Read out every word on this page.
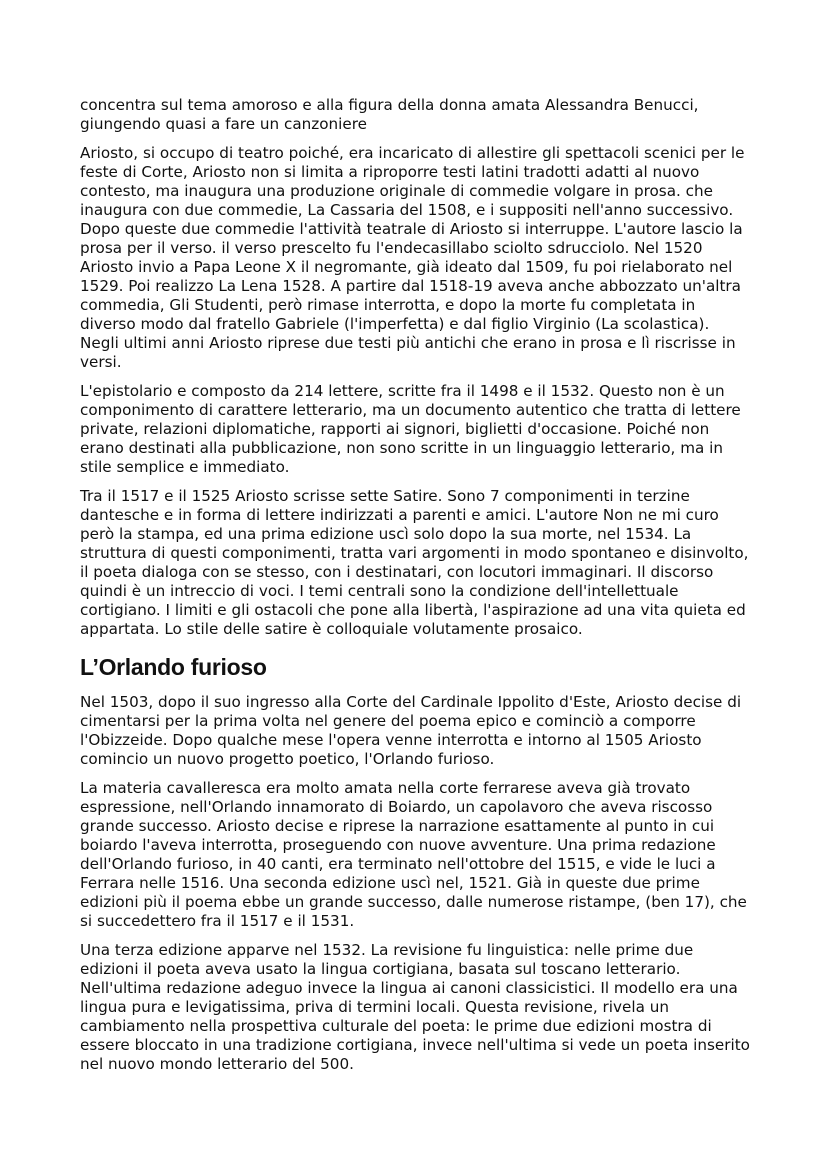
concentra sul tema amoroso e alla figura della donna amata Alessandra Benucci, giungendo quasi a fare un canzoniere

Ariosto, si occupo di teatro poiché, era incaricato di allestire gli spettacoli scenici per le feste di Corte, Ariosto non si limita a riproporre testi latini tradotti adatti al nuovo contesto, ma inaugura una produzione originale di commedie volgare in prosa. che inaugura con due commedie, La Cassaria del 1508, e i suppositi nell'anno successivo. Dopo queste due commedie l'attività teatrale di Ariosto si interruppe. L'autore lascio la prosa per il verso. il verso prescelto fu l'endecasillabo sciolto sdrucciolo. Nel 1520 Ariosto invio a Papa Leone X il negromante, già ideato dal 1509, fu poi rielaborato nel 1529. Poi realizzo La Lena 1528. A partire dal 1518-19 aveva anche abbozzato un'altra commedia, Gli Studenti, però rimase interrotta, e dopo la morte fu completata in diverso modo dal fratello Gabriele (l'imperfetta) e dal figlio Virginio (La scolastica). Negli ultimi anni Ariosto riprese due testi più antichi che erano in prosa e lì riscrisse in versi.

L'epistolario e composto da 214 lettere, scritte fra il 1498 e il 1532. Questo non è un componimento di carattere letterario, ma un documento autentico che tratta di lettere private, relazioni diplomatiche, rapporti ai signori, biglietti d'occasione. Poiché non erano destinati alla pubblicazione, non sono scritte in un linguaggio letterario, ma in stile semplice e immediato.

Tra il 1517 e il 1525 Ariosto scrisse sette Satire. Sono 7 componimenti in terzine dantesche e in forma di lettere indirizzati a parenti e amici. L'autore Non ne mi curo però la stampa, ed una prima edizione uscì solo dopo la sua morte, nel 1534. La struttura di questi componimenti, tratta vari argomenti in modo spontaneo e disinvolto, il poeta dialoga con se stesso, con i destinatari, con locutori immaginari. Il discorso quindi è un intreccio di voci. I temi centrali sono la condizione dell'intellettuale cortigiano. I limiti e gli ostacoli che pone alla libertà, l'aspirazione ad una vita quieta ed appartata. Lo stile delle satire è colloquiale volutamente prosaico.

L’Orlando furioso

Nel 1503, dopo il suo ingresso alla Corte del Cardinale Ippolito d'Este, Ariosto decise di cimentarsi per la prima volta nel genere del poema epico e cominciò a comporre l'Obizzeide. Dopo qualche mese l'opera venne interrotta e intorno al 1505 Ariosto comincio un nuovo progetto poetico, l'Orlando furioso.

La materia cavalleresca era molto amata nella corte ferrarese aveva già trovato espressione, nell'Orlando innamorato di Boiardo, un capolavoro che aveva riscosso grande successo. Ariosto decise e riprese la narrazione esattamente al punto in cui boiardo l'aveva interrotta, proseguendo con nuove avventure. Una prima redazione dell'Orlando furioso, in 40 canti, era terminato nell'ottobre del 1515, e vide le luci a Ferrara nelle 1516. Una seconda edizione uscì nel, 1521. Già in queste due prime edizioni più il poema ebbe un grande successo, dalle numerose ristampe, (ben 17), che si succedettero fra il 1517 e il 1531.

Una terza edizione apparve nel 1532. La revisione fu linguistica: nelle prime due edizioni il poeta aveva usato la lingua cortigiana, basata sul toscano letterario. Nell'ultima redazione adeguo invece la lingua ai canoni classicistici. Il modello era una lingua pura e levigatissima, priva di termini locali. Questa revisione, rivela un cambiamento nella prospettiva culturale del poeta: le prime due edizioni mostra di essere bloccato in una tradizione cortigiana, invece nell'ultima si vede un poeta inserito nel nuovo mondo letterario del 500.
